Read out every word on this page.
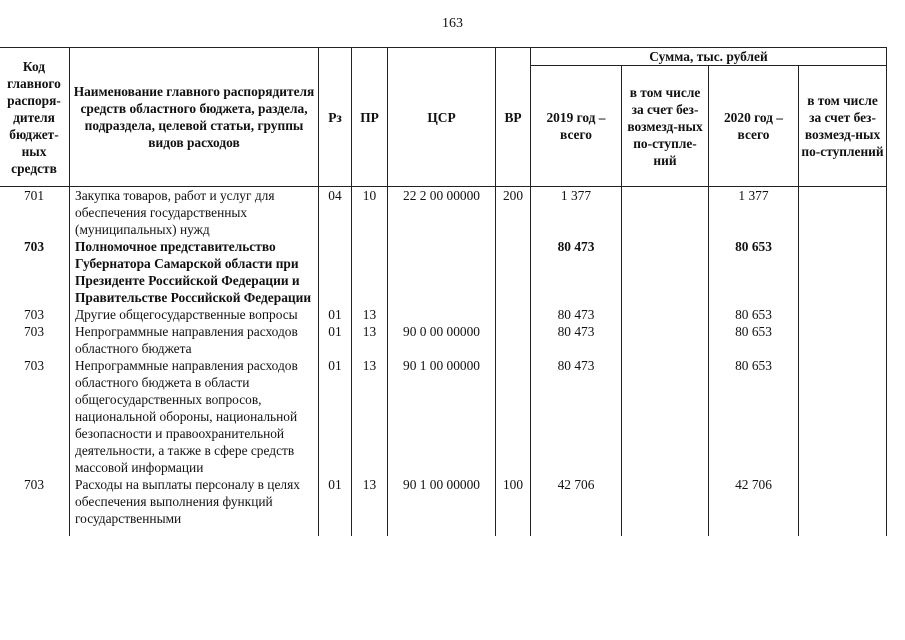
163
Код главного распоря-дителя бюджет-ных средств	Наименование главного распорядителя средств областного бюджета, раздела, подраздела, целевой статьи, группы видов расходов	Рз	ПР	ЦСР	ВР	Сумма, тыс. рублей			
						2019 год – всего	в том числе за счет без-возмезд-ных по-ступле-ний	2020 год – всего	в том числе за счет без-возмезд-ных по-ступлений
701	Закупка товаров, работ и услуг для обеспечения государственных (муниципальных) нужд	04	10	22 2 00 00000	200	1 377		1 377	
703	Полномочное представительство Губернатора Самарской области при Президенте Российской Федерации и Правительстве Российской Федерации					80 473		80 653	
703	Другие общегосударственные вопросы	01	13			80 473		80 653	
703	Непрограммные направления расходов областного бюджета	01	13	90 0 00 00000		80 473		80 653	
703	Непрограммные направления расходов областного бюджета в области общегосударственных вопросов, национальной обороны, национальной безопасности и правоохранительной деятельности, а также в сфере средств массовой информации	01	13	90 1 00 00000		80 473		80 653	
703	Расходы на выплаты персоналу в целях обеспечения выполнения функций государственными	01	13	90 1 00 00000	100	42 706		42 706	
